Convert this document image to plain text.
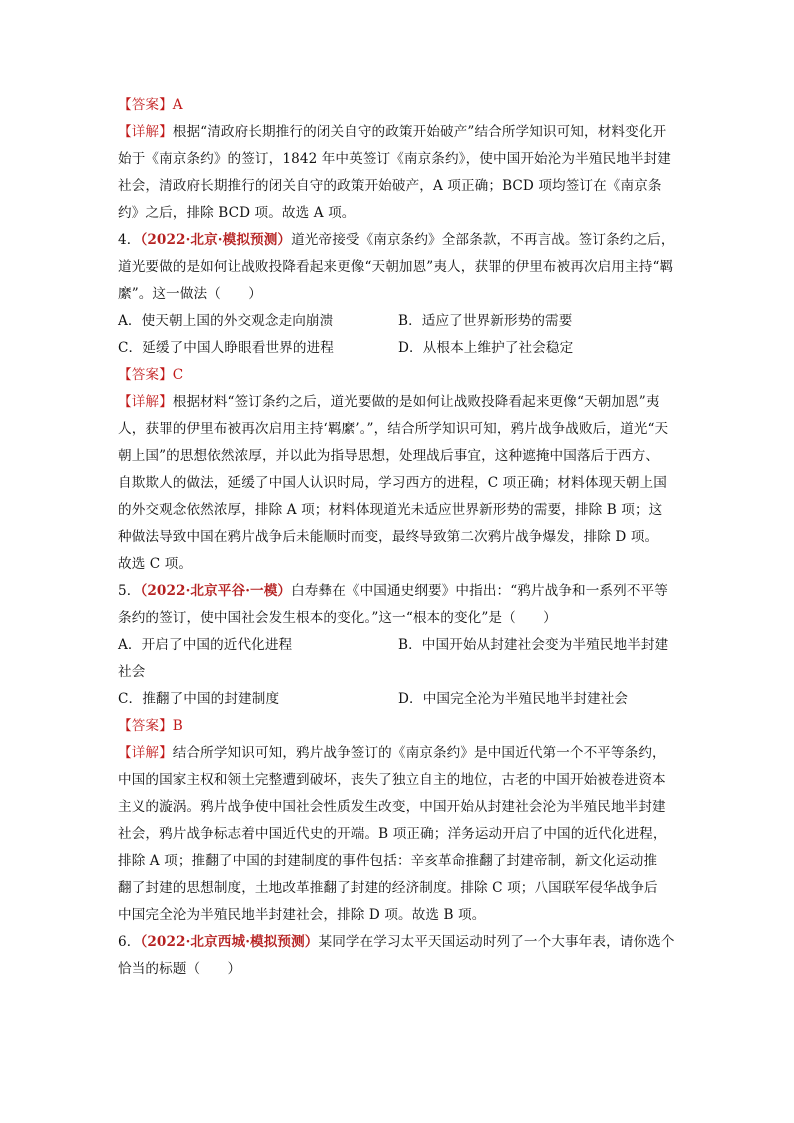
【答案】A
【详解】根据“清政府长期推行的闭关自守的政策开始破产”结合所学知识可知，材料变化开
始于《南京条约》的签订，1842 年中英签订《南京条约》，使中国开始沦为半殖民地半封建
社会，清政府长期推行的闭关自守的政策开始破产，A 项正确；BCD 项均签订在《南京条
约》之后，排除 BCD 项。故选 A 项。
4．（2022·北京·模拟预测）道光帝接受《南京条约》全部条款，不再言战。签订条约之后，
道光要做的是如何让战败投降看起来更像“天朝加恩”夷人，获罪的伊里布被再次启用主持“羁
縻”。这一做法（　　）
A．使天朝上国的外交观念走向崩溃	B．适应了世界新形势的需要
C．延缓了中国人睁眼看世界的进程	D．从根本上维护了社会稳定
【答案】C
【详解】根据材料“签订条约之后，道光要做的是如何让战败投降看起来更像“天朝加恩”夷
人，获罪的伊里布被再次启用主持‘羁縻’。”，结合所学知识可知，鸦片战争战败后，道光“天
朝上国”的思想依然浓厚，并以此为指导思想，处理战后事宜，这种遮掩中国落后于西方、
自欺欺人的做法，延缓了中国人认识时局，学习西方的进程，C 项正确；材料体现天朝上国
的外交观念依然浓厚，排除 A 项；材料体现道光未适应世界新形势的需要，排除 B 项；这
种做法导致中国在鸦片战争后未能顺时而变，最终导致第二次鸦片战争爆发，排除 D 项。
故选 C 项。
5．（2022·北京平谷·一模）白寿彝在《中国通史纲要》中指出：“鸦片战争和一系列不平等
条约的签订，使中国社会发生根本的变化。”这一“根本的变化”是（　　）
A．开启了中国的近代化进程	B．中国开始从封建社会变为半殖民地半封建
社会
C．推翻了中国的封建制度	D．中国完全沦为半殖民地半封建社会
【答案】B
【详解】结合所学知识可知，鸦片战争签订的《南京条约》是中国近代第一个不平等条约，
中国的国家主权和领土完整遭到破坏，丧失了独立自主的地位，古老的中国开始被卷进资本
主义的漩涡。鸦片战争使中国社会性质发生改变，中国开始从封建社会沦为半殖民地半封建
社会，鸦片战争标志着中国近代史的开端。B 项正确；洋务运动开启了中国的近代化进程，
排除 A 项；推翻了中国的封建制度的事件包括：辛亥革命推翻了封建帝制，新文化运动推
翻了封建的思想制度，土地改革推翻了封建的经济制度。排除 C 项；八国联军侵华战争后
中国完全沦为半殖民地半封建社会，排除 D 项。故选 B 项。
6．（2022·北京西城·模拟预测）某同学在学习太平天国运动时列了一个大事年表，请你选个
恰当的标题（　　）
